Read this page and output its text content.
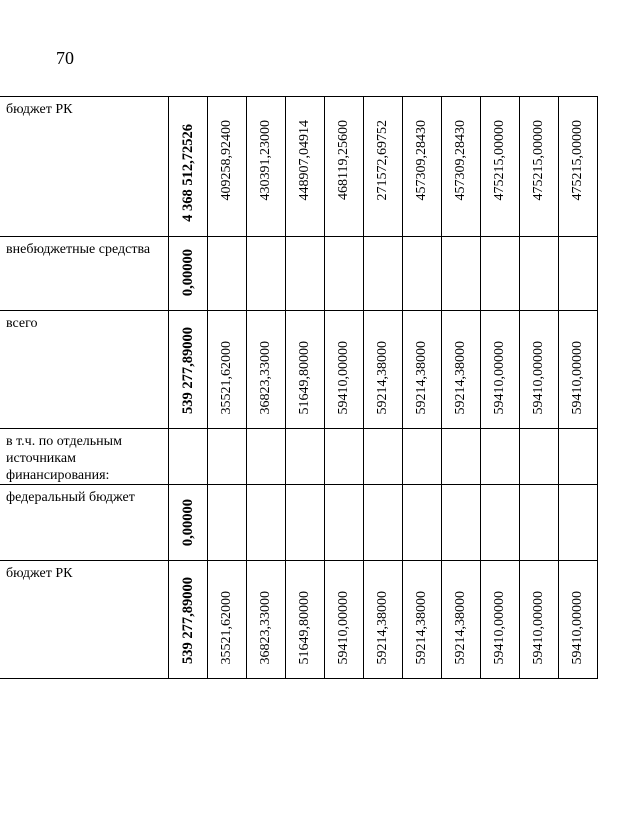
70
бюджет РК	4 368 512,72526	409258,92400	430391,23000	448907,04914	468119,25600	271572,69752	457309,28430	457309,28430	475215,00000	475215,00000	475215,00000

внебюджетные средства	0,00000										

всего	539 277,89000	35521,62000	36823,33000	51649,80000	59410,00000	59214,38000	59214,38000	59214,38000	59410,00000	59410,00000	59410,00000

в т.ч. по отдельным источникам финансирования:	

федеральный бюджет	0,00000										

бюджет РК	539 277,89000	35521,62000	36823,33000	51649,80000	59410,00000	59214,38000	59214,38000	59214,38000	59410,00000	59410,00000	59410,00000
